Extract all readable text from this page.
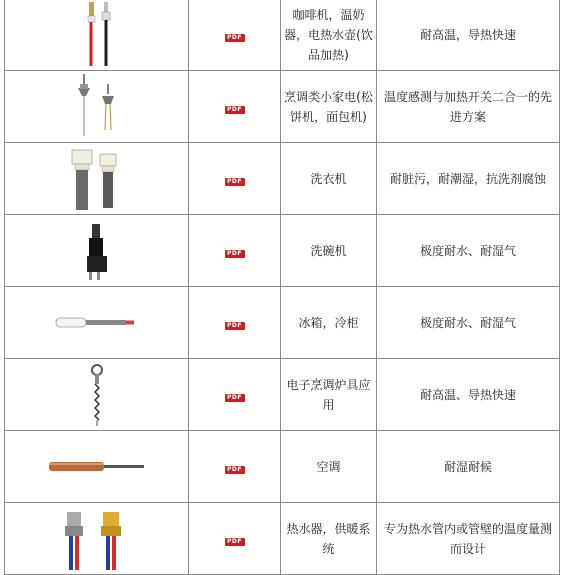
	PDF	咖啡机，温奶器，电热水壶(饮品加热)	耐高温，导热快速

	PDF	烹调类小家电(松饼机，面包机)	温度感测与加热开关二合一的先进方案

	PDF	洗衣机	耐脏污，耐潮湿，抗洗剂腐蚀

	PDF	洗碗机	极度耐水、耐湿气

	PDF	冰箱，冷柜	极度耐水、耐湿气

	PDF	电子烹调炉具应用	耐高温、导热快速

	PDF	空调	耐湿耐候

	PDF	热水器，供暖系统	专为热水管内或管壁的温度量测而设计
